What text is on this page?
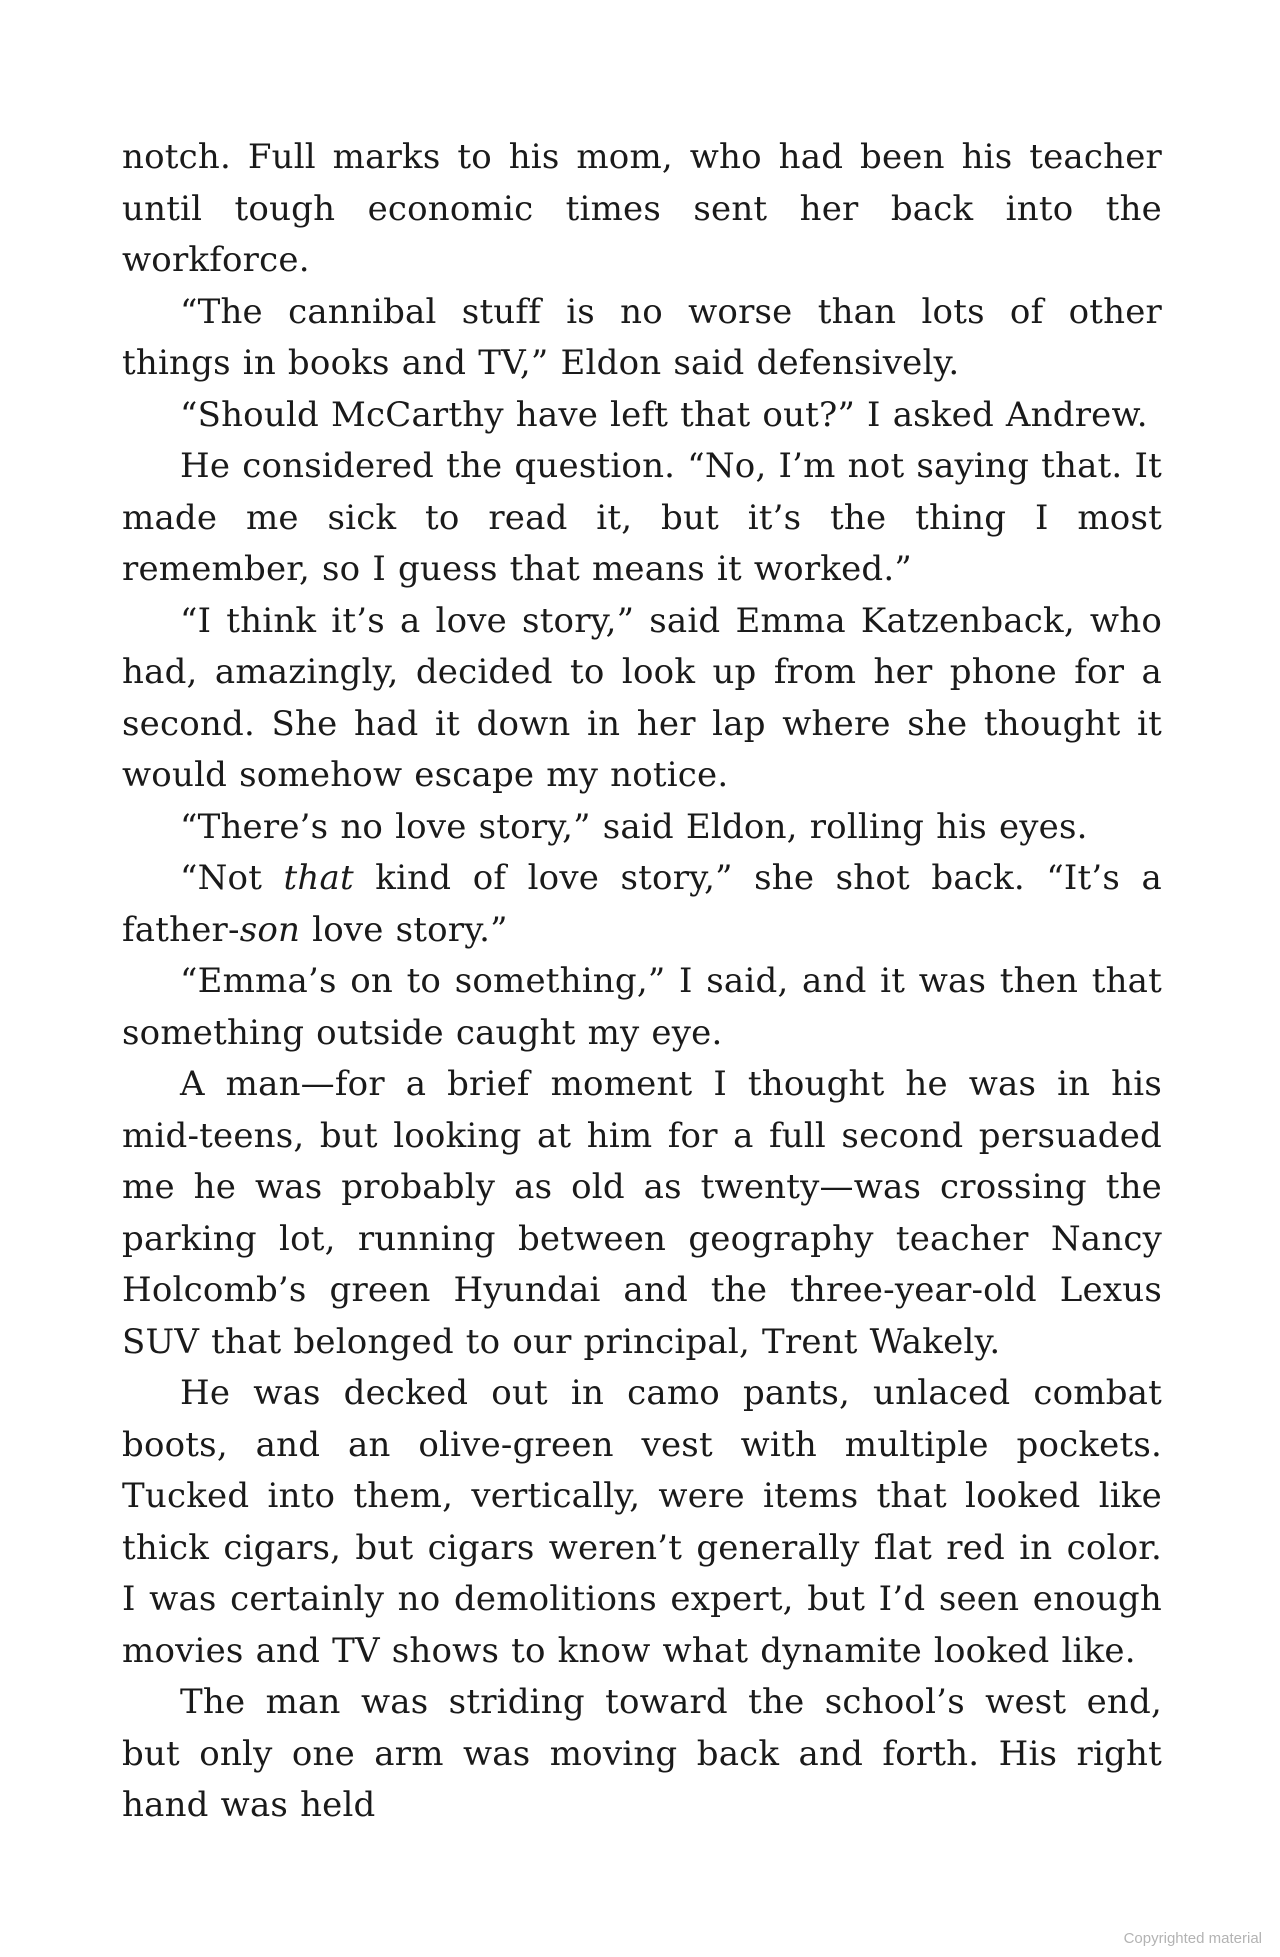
notch. Full marks to his mom, who had been his teacher until tough economic times sent her back into the workforce.

“The cannibal stuff is no worse than lots of other things in books and TV,” Eldon said defensively.

“Should McCarthy have left that out?” I asked Andrew.

He considered the question. “No, I’m not saying that. It made me sick to read it, but it’s the thing I most remember, so I guess that means it worked.”

“I think it’s a love story,” said Emma Katzenback, who had, amazingly, decided to look up from her phone for a second. She had it down in her lap where she thought it would somehow escape my notice.

“There’s no love story,” said Eldon, rolling his eyes.

“Not that kind of love story,” she shot back. “It’s a father-son love story.”

“Emma’s on to something,” I said, and it was then that something outside caught my eye.

A man—for a brief moment I thought he was in his mid-teens, but looking at him for a full second persuaded me he was probably as old as twenty—was crossing the parking lot, running between geography teacher Nancy Holcomb’s green Hyundai and the three-year-old Lexus SUV that belonged to our principal, Trent Wakely.

He was decked out in camo pants, unlaced combat boots, and an olive-green vest with multiple pockets. Tucked into them, vertically, were items that looked like thick cigars, but cigars weren’t generally flat red in color. I was certainly no demolitions expert, but I’d seen enough movies and TV shows to know what dynamite looked like.

The man was striding toward the school’s west end, but only one arm was moving back and forth. His right hand was held

Copyrighted material
